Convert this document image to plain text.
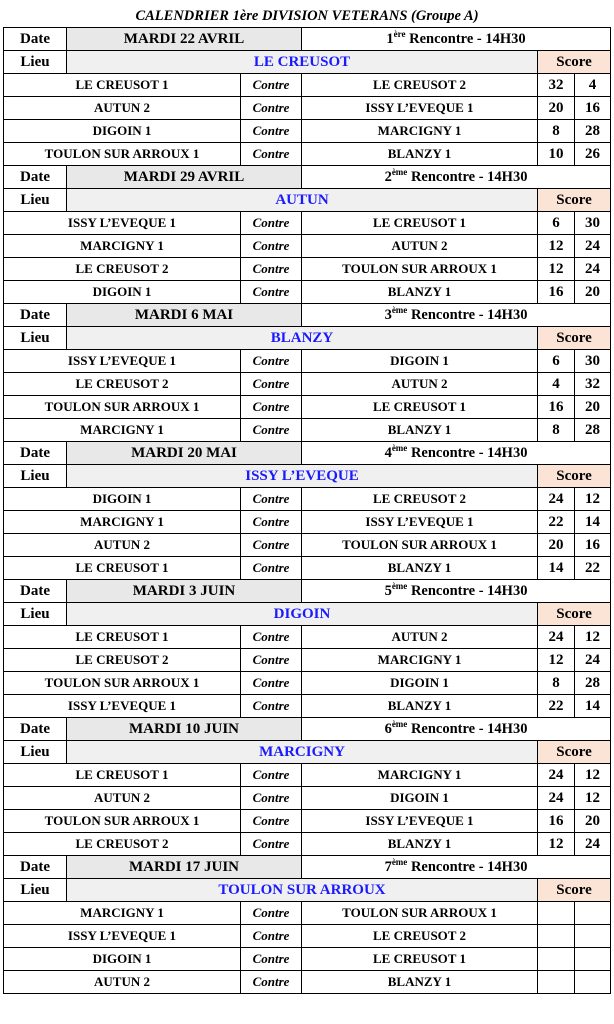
CALENDRIER 1ère DIVISION VETERANS (Groupe A)					
Date	MARDI 22 AVRIL		1ère Rencontre - 14H30		
Lieu	LE CREUSOT			Score	
LE CREUSOT 1		Contre	LE CREUSOT 2	32	4
AUTUN 2		Contre	ISSY L’EVEQUE 1	20	16
DIGOIN 1		Contre	MARCIGNY 1	8	28
TOULON SUR ARROUX 1		Contre	BLANZY 1	10	26
Date	MARDI 29 AVRIL		2ème Rencontre - 14H30		
Lieu	AUTUN			Score	
ISSY L’EVEQUE 1		Contre	LE CREUSOT 1	6	30
MARCIGNY 1		Contre	AUTUN 2	12	24
LE CREUSOT 2		Contre	TOULON SUR ARROUX 1	12	24
DIGOIN 1		Contre	BLANZY 1	16	20
Date	MARDI 6 MAI		3ème Rencontre - 14H30		
Lieu	BLANZY			Score	
ISSY L’EVEQUE 1		Contre	DIGOIN 1	6	30
LE CREUSOT 2		Contre	AUTUN 2	4	32
TOULON SUR ARROUX 1		Contre	LE CREUSOT 1	16	20
MARCIGNY 1		Contre	BLANZY 1	8	28
Date	MARDI 20 MAI		4ème Rencontre - 14H30		
Lieu	ISSY L’EVEQUE			Score	
DIGOIN 1		Contre	LE CREUSOT 2	24	12
MARCIGNY 1		Contre	ISSY L’EVEQUE 1	22	14
AUTUN 2		Contre	TOULON SUR ARROUX 1	20	16
LE CREUSOT 1		Contre	BLANZY 1	14	22
Date	MARDI 3 JUIN		5ème Rencontre - 14H30		
Lieu	DIGOIN			Score	
LE CREUSOT 1		Contre	AUTUN 2	24	12
LE CREUSOT 2		Contre	MARCIGNY 1	12	24
TOULON SUR ARROUX 1		Contre	DIGOIN 1	8	28
ISSY L’EVEQUE 1		Contre	BLANZY 1	22	14
Date	MARDI 10 JUIN		6ème Rencontre - 14H30		
Lieu	MARCIGNY			Score	
LE CREUSOT 1		Contre	MARCIGNY 1	24	12
AUTUN 2		Contre	DIGOIN 1	24	12
TOULON SUR ARROUX 1		Contre	ISSY L’EVEQUE 1	16	20
LE CREUSOT 2		Contre	BLANZY 1	12	24
Date	MARDI 17 JUIN		7ème Rencontre - 14H30		
Lieu	TOULON SUR ARROUX			Score	
MARCIGNY 1		Contre	TOULON SUR ARROUX 1		
ISSY L’EVEQUE 1		Contre	LE CREUSOT 2		
DIGOIN 1		Contre	LE CREUSOT 1		
AUTUN 2		Contre	BLANZY 1		
